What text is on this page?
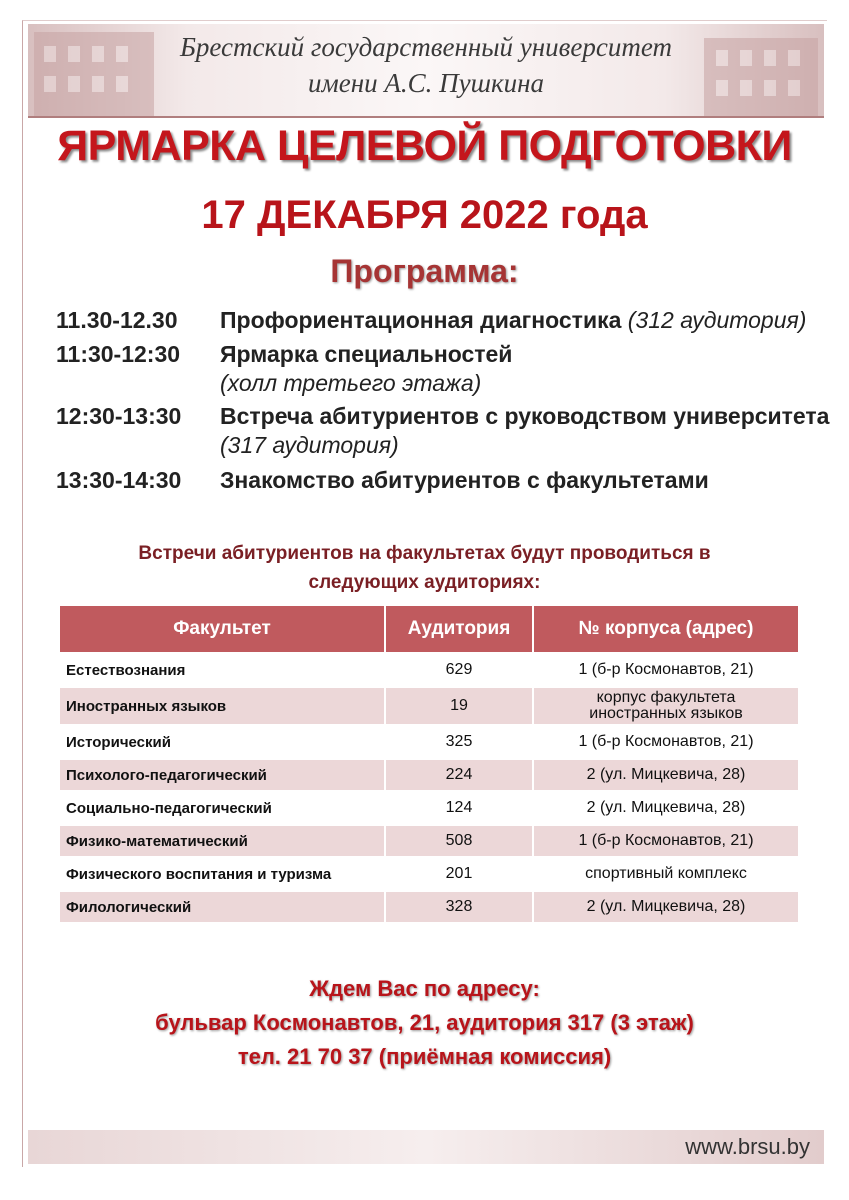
Брестский государственный университет
имени А.С. Пушкина
ЯРМАРКА ЦЕЛЕВОЙ ПОДГОТОВКИ
17 ДЕКАБРЯ 2022 года
Программа:
11.30-12.30	Профориентационная диагностика (312 аудитория)
11:30-12:30	Ярмарка специальностей
(холл третьего этажа)
12:30-13:30	Встреча абитуриентов с руководством университета (317 аудитория)
13:30-14:30	Знакомство абитуриентов с факультетами
Встречи абитуриентов на факультетах будут проводиться в
следующих аудиториях:
Факультет	Аудитория	№ корпуса (адрес)
Естествознания	629	1 (б-р Космонавтов, 21)
Иностранных языков	19	корпус факультета
иностранных языков
Исторический	325	1 (б-р Космонавтов, 21)
Психолого-педагогический	224	2 (ул. Мицкевича, 28)
Социально-педагогический	124	2 (ул. Мицкевича, 28)
Физико-математический	508	1 (б-р Космонавтов, 21)
Физического воспитания и туризма	201	спортивный комплекс
Филологический	328	2 (ул. Мицкевича, 28)
Ждем Вас по адресу:
бульвар Космонавтов, 21, аудитория 317 (3 этаж)
тел. 21 70 37 (приёмная комиссия)
www.brsu.by
